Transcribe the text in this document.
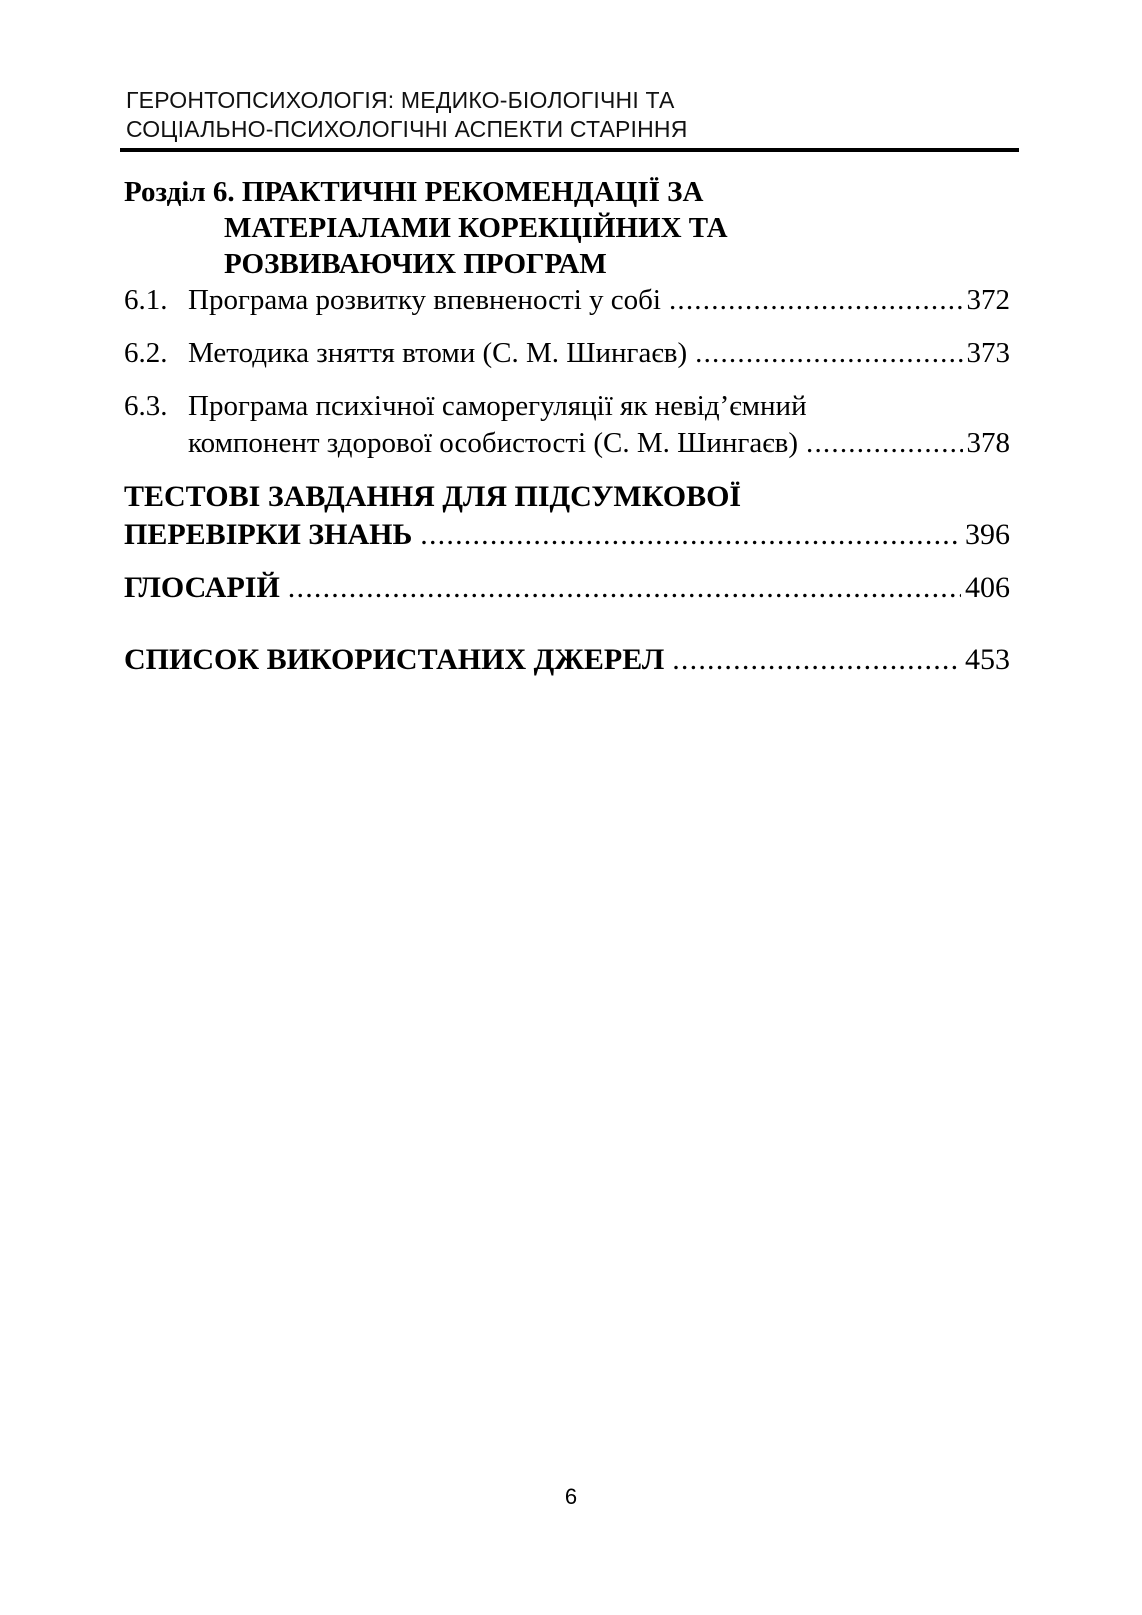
ГЕРОНТОПСИХОЛОГІЯ: МЕДИКО-БІОЛОГІЧНІ ТА
СОЦІАЛЬНО-ПСИХОЛОГІЧНІ АСПЕКТИ СТАРІННЯ
Розділ 6. ПРАКТИЧНІ РЕКОМЕНДАЦІЇ ЗА
МАТЕРІАЛАМИ КОРЕКЦІЙНИХ ТА
РОЗВИВАЮЧИХ ПРОГРАМ
6.1. Програма розвитку впевненості у собі .....	372
6.2. Методика зняття втоми (С. М. Шингаєв) .....	373
6.3. Програма психічної саморегуляції як невід’ємний
компонент здорової особистості (С. М. Шингаєв) .....	378
ТЕСТОВІ ЗАВДАННЯ ДЛЯ ПІДСУМКОВОЇ
ПЕРЕВІРКИ ЗНАНЬ .....	396
ГЛОСАРІЙ .....	406
СПИСОК ВИКОРИСТАНИХ ДЖЕРЕЛ .....	453
6
